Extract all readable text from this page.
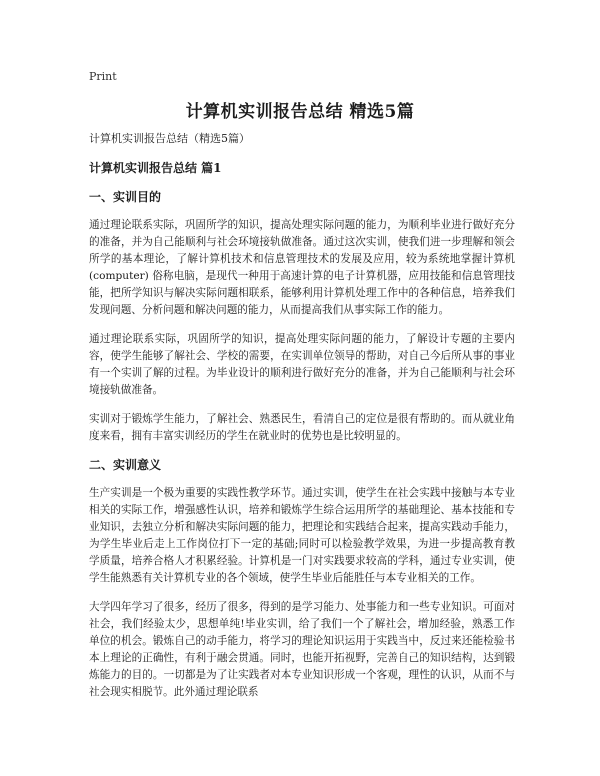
Print
计算机实训报告总结 精选5篇
计算机实训报告总结（精选5篇）
计算机实训报告总结 篇1
一、实训目的

通过理论联系实际，巩固所学的知识，提高处理实际问题的能力，为顺利毕业进行做好充分的准备，并为自己能顺利与社会环境接轨做准备。通过这次实训，使我们进一步理解和领会所学的基本理论，了解计算机技术和信息管理技术的发展及应用，较为系统地掌握计算机(computer) 俗称电脑，是现代一种用于高速计算的电子计算机器，应用技能和信息管理技能，把所学知识与解决实际问题相联系，能够利用计算机处理工作中的各种信息，培养我们发现问题、分析问题和解决问题的能力，从而提高我们从事实际工作的能力。

通过理论联系实际，巩固所学的知识，提高处理实际问题的能力，了解设计专题的主要内容，使学生能够了解社会、学校的需要，在实训单位领导的帮助，对自己今后所从事的事业有一个实训了解的过程。为毕业设计的顺利进行做好充分的准备，并为自己能顺利与社会环境接轨做准备。

实训对于锻炼学生能力，了解社会、熟悉民生，看清自己的定位是很有帮助的。而从就业角度来看，拥有丰富实训经历的学生在就业时的优势也是比较明显的。

二、实训意义

生产实训是一个极为重要的实践性教学环节。通过实训，使学生在社会实践中接触与本专业相关的实际工作，增强感性认识，培养和锻炼学生综合运用所学的基础理论、基本技能和专业知识，去独立分析和解决实际问题的能力，把理论和实践结合起来，提高实践动手能力，为学生毕业后走上工作岗位打下一定的基础;同时可以检验教学效果，为进一步提高教育教学质量，培养合格人才积累经验。计算机是一门对实践要求较高的学科，通过专业实训，使学生能熟悉有关计算机专业的各个领域，使学生毕业后能胜任与本专业相关的工作。

大学四年学习了很多，经历了很多，得到的是学习能力、处事能力和一些专业知识。可面对社会，我们经验太少，思想单纯!毕业实训，给了我们一个了解社会，增加经验，熟悉工作单位的机会。锻炼自己的动手能力，将学习的理论知识运用于实践当中，反过来还能检验书本上理论的正确性，有利于融会贯通。同时，也能开拓视野，完善自己的知识结构，达到锻炼能力的目的。一切都是为了让实践者对本专业知识形成一个客观，理性的认识，从而不与社会现实相脱节。此外通过理论联系
